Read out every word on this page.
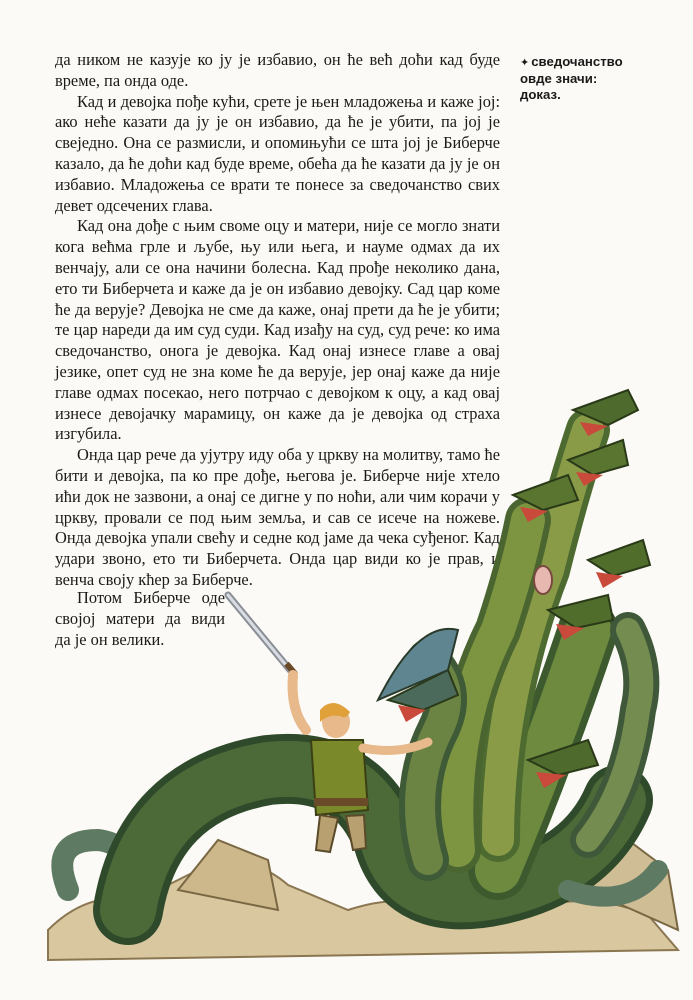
да ником не казује ко ју је избавио, он ће већ доћи кад буде време, па онда оде.

Кад и девојка пође кући, срете је њен младожења и каже јој: ако неће казати да ју је он избавио, да ће је убити, па јој је свеједно. Она се размисли, и опомињући се шта јој је Биберче казало, да ће доћи кад буде време, обећа да ће казати да ју је он избавио. Младожења се врати те понесе за сведочанство свих девет одсечених глава.

Кад она дође с њим своме оцу и матери, није се могло знати кога већма грле и љубе, њу или њега, и науме одмах да их венчају, али се она начини болесна. Кад прође неколико дана, ето ти Биберчета и каже да је он избавио девојку. Сад цар коме ће да верује? Девојка не сме да каже, онај прети да ће је убити; те цар нареди да им суд суди. Кад изађу на суд, суд рече: ко има сведочанство, онога је девојка. Кад онај изнесе главе а овај језике, опет суд не зна коме ће да верује, јер онај каже да није главе одмах посекао, него потрчао с девојком к оцу, а кад овај изнесе девојачку марамицу, он каже да је девојка од страха изгубила.

Онда цар рече да ујутру иду оба у цркву на молитву, тамо ће бити и девојка, па ко пре дође, његова је. Биберче није хтело ићи док не зазвони, а онај се дигне у по ноћи, али чим корачи у цркву, провали се под њим земља, и сав се исече на ножеве. Онда девојка упали свећу и седне код јаме да чека суђеног. Кад удари звоно, ето ти Биберчета. Онда цар види ко је прав, и венча своју кћер за Биберче.

Потом Биберче оде својој матери да види да је он велики.

✦ сведочанство овде значи: доказ.
